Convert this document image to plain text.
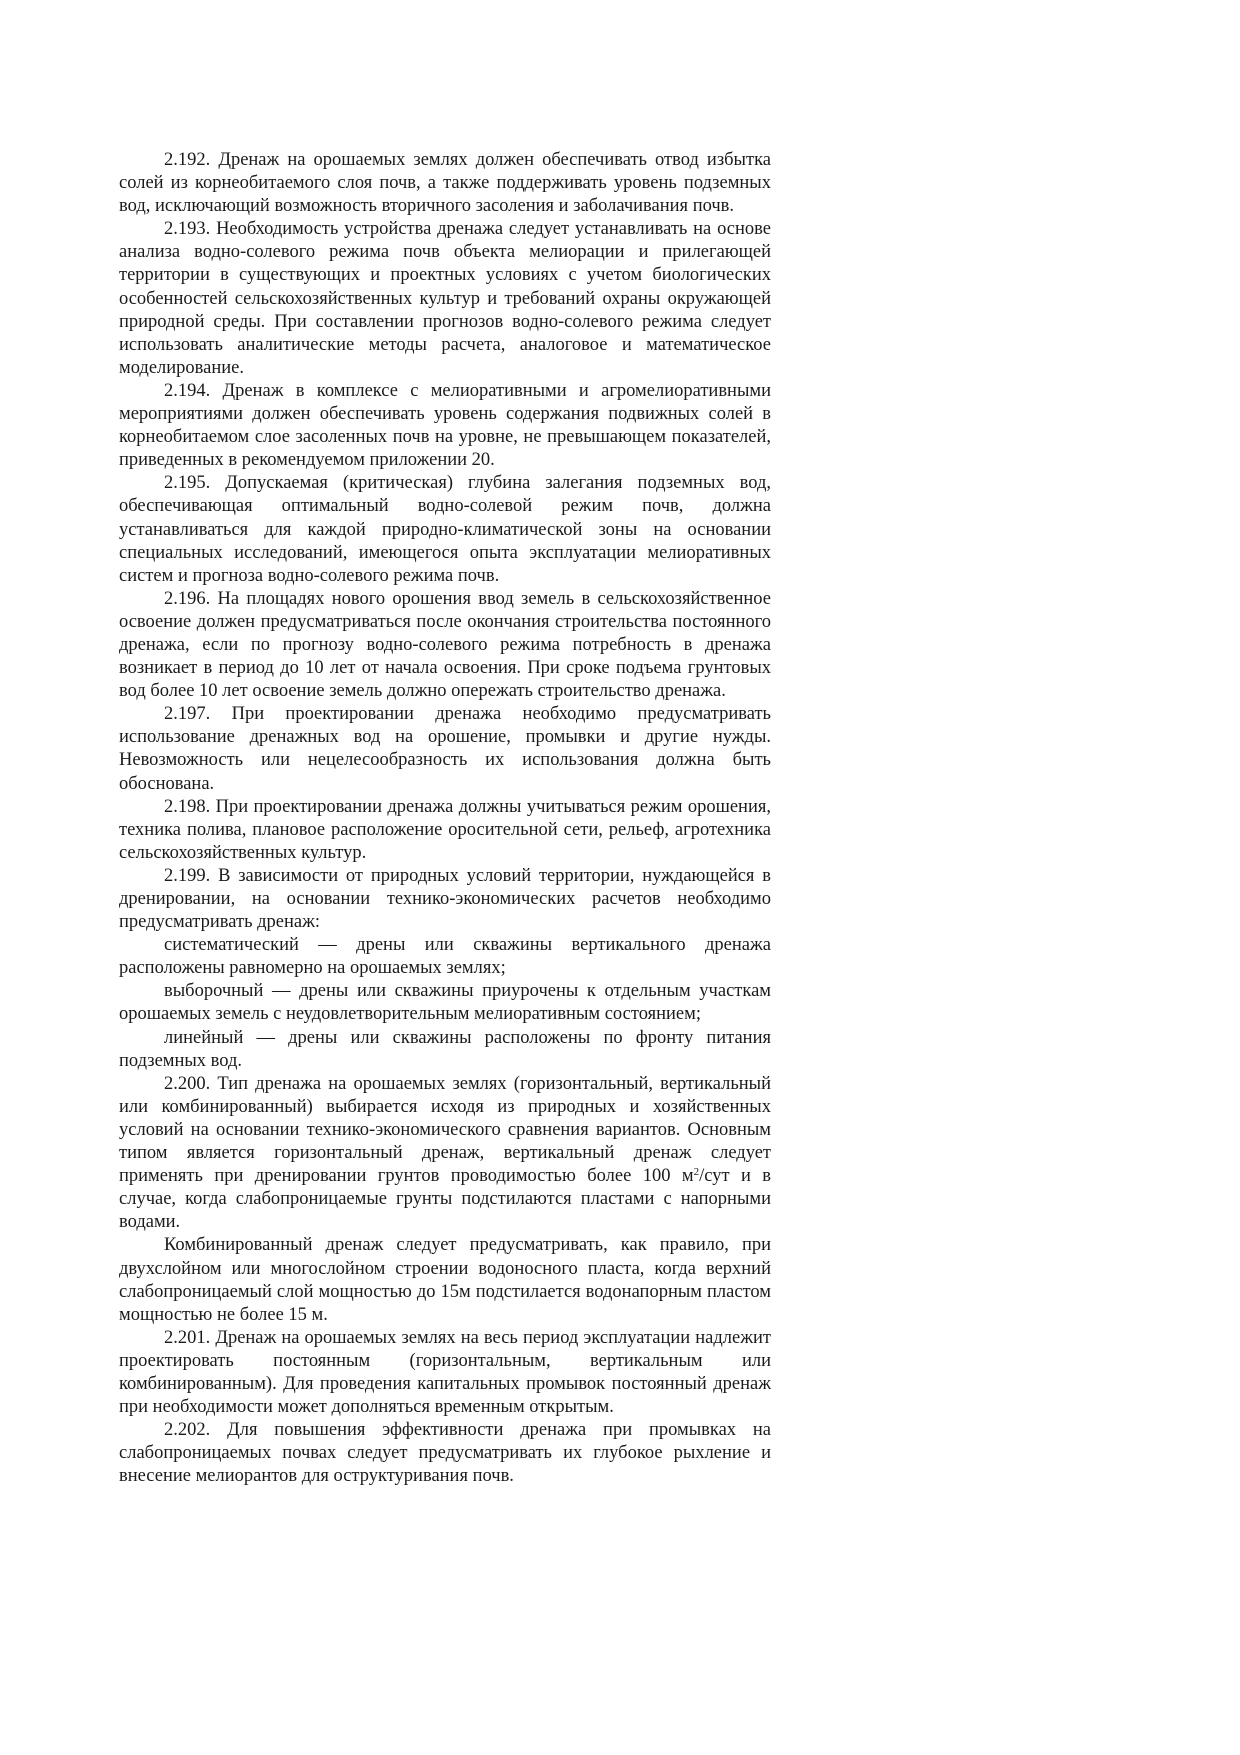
2.192. Дренаж на орошаемых землях должен обеспечивать отвод избытка солей из корнеобитаемого слоя почв, а также поддерживать уровень подземных вод, исключающий возможность вторичного засоления и заболачивания почв.

2.193. Необходимость устройства дренажа следует устанавливать на основе анализа водно-солевого режима почв объекта мелиорации и прилегающей территории в существующих и проектных условиях с учетом биологических особенностей сельскохозяйственных культур и требований охраны окружающей природной среды. При составлении прогнозов водно-солевого режима следует использовать аналитические методы расчета, аналоговое и математическое моделирование.

2.194. Дренаж в комплексе с мелиоративными и агромелиоративными мероприятиями должен обеспечивать уровень содержания подвижных солей в корнеобитаемом слое засоленных почв на уровне, не превышающем показателей, приведенных в рекомендуемом приложении 20.

2.195. Допускаемая (критическая) глубина залегания подземных вод, обеспечивающая оптимальный водно-солевой режим почв, должна устанавливаться для каждой природно-климатической зоны на основании специальных исследований, имеющегося опыта эксплуатации мелиоративных систем и прогноза водно-солевого режима почв.

2.196. На площадях нового орошения ввод земель в сельскохозяйственное освоение должен предусматриваться после окончания строительства постоянного дренажа, если по прогнозу водно-солевого режима потребность в дренажа возникает в период до 10 лет от начала освоения. При сроке подъема грунтовых вод более 10 лет освоение земель должно опережать строительство дренажа.

2.197. При проектировании дренажа необходимо предусматривать использование дренажных вод на орошение, промывки и другие нужды. Невозможность или нецелесообразность их использования должна быть обоснована.

2.198. При проектировании дренажа должны учитываться режим орошения, техника полива, плановое расположение оросительной сети, рельеф, агротехника сельскохозяйственных культур.

2.199. В зависимости от природных условий территории, нуждающейся в дренировании, на основании технико-экономических расчетов необходимо предусматривать дренаж:

систематический — дрены или скважины вертикального дренажа расположены равномерно на орошаемых землях;

выборочный — дрены или скважины приурочены к отдельным участкам орошаемых земель с неудовлетворительным мелиоративным состоянием;

линейный — дрены или скважины расположены по фронту питания подземных вод.

2.200. Тип дренажа на орошаемых землях (горизонтальный, вертикальный или комбинированный) выбирается исходя из природных и хозяйственных условий на основании технико-экономического сравнения вариантов. Основным типом является горизонтальный дренаж, вертикальный дренаж следует применять при дренировании грунтов проводимостью более 100 $м^2$/сут и в случае, когда слабопроницаемые грунты подстилаются пластами с напорными водами.

Комбинированный дренаж следует предусматривать, как правило, при двухслойном или многослойном строении водоносного пласта, когда верхний слабопроницаемый слой мощностью до 15м подстилается водонапорным пластом мощностью не более 15 м.

2.201. Дренаж на орошаемых землях на весь период эксплуатации надлежит проектировать постоянным (горизонтальным, вертикальным или комбинированным). Для проведения капитальных промывок постоянный дренаж при необходимости может дополняться временным открытым.

2.202. Для повышения эффективности дренажа при промывках на слабопроницаемых почвах следует предусматривать их глубокое рыхление и внесение мелиорантов для оструктуривания почв.
